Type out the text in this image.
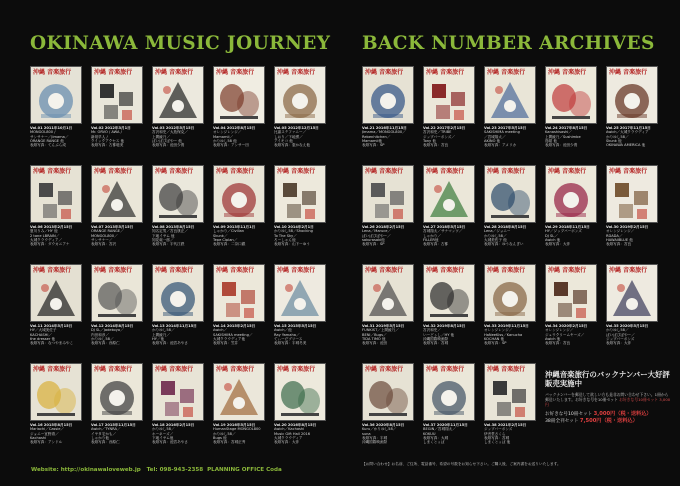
OKINAWA MUSIC JOURNEY
沖縄 音楽旅行
Vol.01 2011年10月1日
MONGOL800 /
サンサナー／Jimama／
ORANGE RANGE 他
表紙写真：てんぷら成
沖縄 音楽旅行
Vol.02 2012年3月1日
Mr. ORVO / AWA /
新垣早人 /
クイックアクセス 他
表紙写真：古都聡美
沖縄 音楽旅行
Vol.03 2012年5月15日
宮沢和史／大島保克／
上間綾乃／
ぱいぱぴぱやー 他
表紙写真：池田少貴
沖縄 音楽旅行
Vol.04 2012年8月15日
オレンジレンジ／
Mamamii／
かりゆし58 他
表紙写真：アンサー田
沖縄 音楽旅行
Vol.05 2012年12月15日
比嘉ステファニー／
しおり／下地勇／
アイモコ 他
表紙写真：恵かなえ他
沖縄 音楽旅行
Vol.06 2013年2月15日
夏川りみ／HY 他
2 tone LBRAIN／
大城クラウディア／
表紙写真：ダウカニアナ
沖縄 音楽旅行
Vol.07 2013年5月15日
ORANGE RANGE／
MONGOL800／
サンサナー／
表紙写真：宮沢
沖縄 音楽旅行
Vol.08 2013年8月15日
知名定男／宮良康正／
下地イサム 他
知花竜一郎／
表紙写真：宇代江鉄
沖縄 音楽旅行
Vol.09 2013年11月1日
しゃかり／Civilian
Skunk／
Tepe Ciplan／
表紙写真：二奈口銀
沖縄 音楽旅行
Vol.10 2014年2月1日
かりゆし58／Shocking
To The Sky／
ろーしゃん他
表紙写真：山下ーゆう
沖縄 音楽旅行
Vol.11 2014年5月15日
HY／大城美佐子
KACHASHI／
the dresser 他
表紙写真：なつやまみやこ
沖縄 音楽旅行
Vol.12 2014年8月15日
DJ SL／Jadekoyo／
内田和彦／
かりゆし58／
表紙写真：西原仁
沖縄 音楽旅行
Vol.13 2014年11月15日
かりゆし58／
上間綾乃／
HY／他
表紙写真：池宮あやさ
沖縄 音楽旅行
Vol.14 2015年2月15日
Awich／
SAKISHIMA meeting／
大城クラウディア他
表紙写真：笠井
沖縄 音楽旅行
Vol.15 2015年5月15日
Awich／他
Ray Yamaha／
てぃーだブリース
表紙写真：宇城冬美
沖縄 音楽旅行
Vol.16 2015年8月15日
Mariachi／Cassie／
ジョニー宜野湾／
Kachashi
表紙写真：アンドル
沖縄 音楽旅行
Vol.17 2015年11月15日
Awich／TYNRA／
イヤタ宅かも／
しゃかり他
表紙写真：西原仁
沖縄 音楽旅行
Vol.18 2016年2月15日
かりゆし58／
ホーネーズ／
下地イサム他
表紙写真：池宮あやさ
沖縄 音楽旅行
Vol.19 2016年5月15日
HumanStage MONGOL800
かりゆし58／
Bugs 他
表紙写真：宮城正秀
沖縄 音楽旅行
Vol.20 2016年8月15日
Awich／Kachashi
Music Gift Hall 2016
大城クラウディア
表紙写真：大伴
Website: http://okinawaloveweb.jp Tel: 098-943-2358 PLANNING OFFICE Coda
BACK NUMBER ARCHIVES
沖縄 音楽旅行
Vol.21 2016年11月15日
Jimama／MONGOL800／
Rebenhitchen／
Mamamii他
表紙写真：SP
沖縄 音楽旅行
Vol.22 2017年2月15日
宮沢和史／TRIBE
ジップバーボンズ／
Tony 他
表紙写真：宮良
沖縄 音楽旅行
Vol.23 2017年5月15日
SAKISHIMA meeting
／宮城翔太／
AKINO 他
表紙写真：アメリカ
沖縄 音楽旅行
Vol.24 2017年8月15日
Kanashisashi／
上間綾乃／Sushimbe
島唄 他
表紙写真：池田少貴
沖縄 音楽旅行
Vol.25 2017年11月15日
Awich／大城クラウディア
かりゆし58／
Skunk 他
OKINAWA AMERICA 他
沖縄 音楽旅行
Vol.26 2018年2月15日
Lena／Maruce／
ぱいぱぴぱやー／
sakurasaki他
表紙写真：SP
沖縄 音楽旅行
Vol.27 2018年5月15日
宮城翔太／サナマッツ／
しゃかり／
FILLER他
表紙写真：古都
沖縄 音楽旅行
Vol.28 2018年8月15日
Lena／ジョニー
かりゆし58／
大城美佐子 他
表紙写真：ゆうなんぎい
沖縄 音楽旅行
Vol.29 2018年11月15日
HY／ジップバーボンズ
DJ SL／
Awich 他
表紙写真：大伴
沖縄 音楽旅行
Vol.30 2019年2月15日
オレンジレンジ／
RDADA／
HAWAIIBLUE 他
表紙写真：宮良
沖縄 音楽旅行
Vol.31 2019年5月15日
FUNKIST／上間綾乃／
BENI／Bugs／
TIDA TIMO 他
表紙写真：池田
沖縄 音楽旅行
Vol.32 2019年8月15日
宮沢和史／
いーどぅし／HY 他
沖縄国際映画祭
表紙写真：宮城
沖縄 音楽旅行
Vol.33 2019年11月15日
オレンジレンジ／
HaNeeKiss／Kanucha
KOCHAN 他
表紙写真：SP
沖縄 音楽旅行
Vol.34 2020年2月15日
オレンジレンジ／
ジュウクリームヤーズ／
Awich 他
表紙写真：宮良
沖縄 音楽旅行
Vol.35 2020年5月15日
かりゆし58／
ぱいぱぴぱやー／
ジップバーボンズ
表紙写真：大伴
沖縄 音楽旅行
Vol.36 2020年8月15日
Kuru／かりゆし58／
suna
表紙写真：宇城
沖縄国際映画祭
沖縄 音楽旅行
Vol.37 2020年11月15日
BEGIN／宮城翔太／
KOKUU
表紙写真：大城
しまくとぅば
沖縄 音楽旅行
Vol.38 2021年2月15日
ジップバーボンズ
伊舎堂さくら
表紙写真：宮城
しまくとぅば 他
沖縄音楽旅行のバックナンバー大好評販売実施中
バックナンバーを郵送して欲しい方も是非お問い合わせ下さい。1冊から郵送いたします。お好きな号を10冊セット お好きな号10冊セット 3,000円
お好きな号10冊セット 3,000円（税・送料込）
38冊全刊セット 7,500円（税・送料込）
【お問い合わせ】お名前、ご住所、電話番号、希望の号数をお知らせ下さい。ご購入後、ご案内書をお送りいたします。
